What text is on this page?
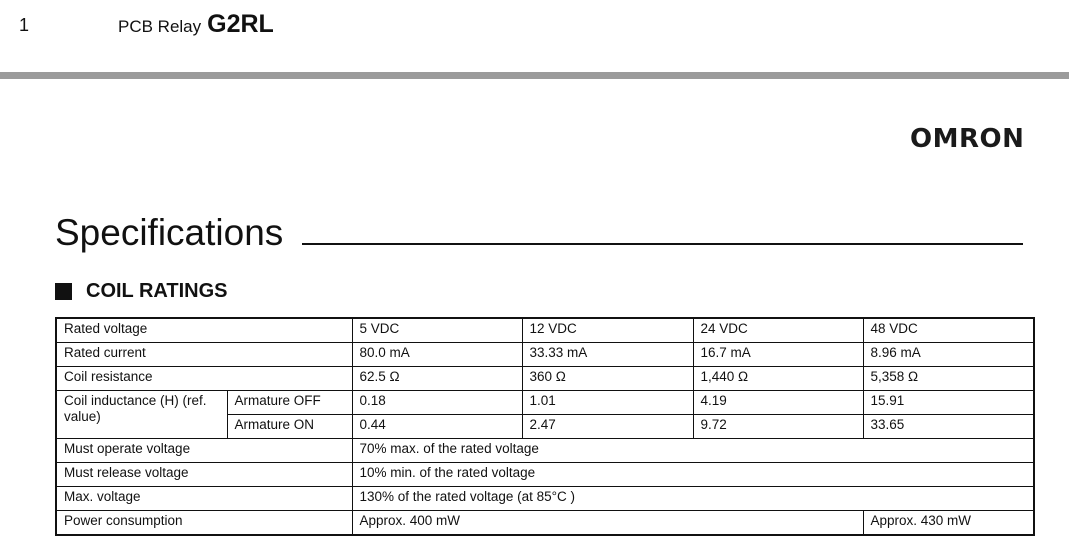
1	PCB Relay G2RL
OMRON
Specifications
COIL RATINGS
Rated voltage		5 VDC	12 VDC	24 VDC	48 VDC
Rated current		80.0 mA	33.33 mA	16.7 mA	8.96 mA
Coil resistance		62.5 Ω	360 Ω	1,440 Ω	5,358 Ω
Coil inductance (H) (ref. value)	Armature OFF	0.18	1.01	4.19	15.91
	Armature ON	0.44	2.47	9.72	33.65
Must operate voltage		70% max. of the rated voltage			
Must release voltage		10% min. of the rated voltage			
Max. voltage		130% of the rated voltage (at 85°C )			
Power consumption		Approx. 400 mW			Approx. 430 mW
